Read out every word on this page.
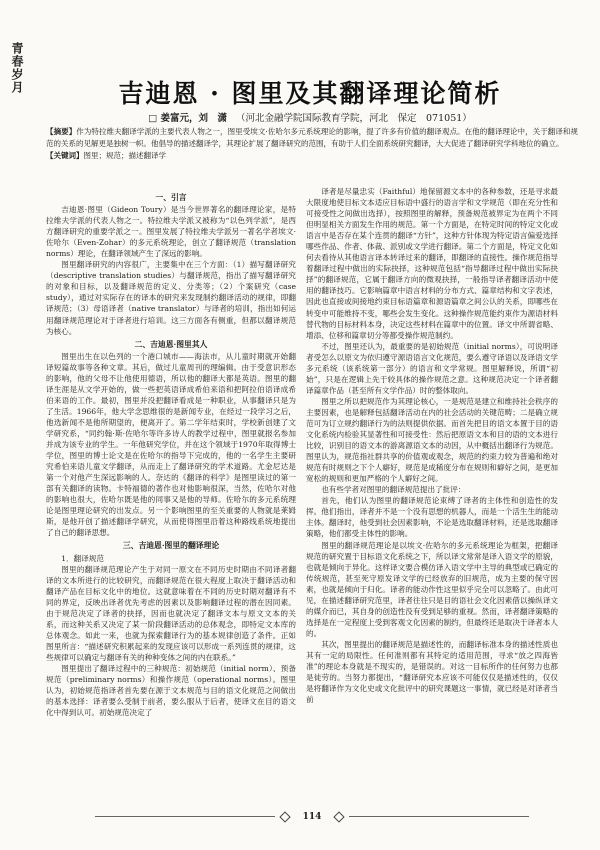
青春岁月	吉迪恩 · 图里及其翻译理论简析
□ 姜富元，刘　潇 （河北金融学院国际教育学院，河北　保定　071051）
【摘要】作为特拉维夫翻译学派的主要代表人物之一，图里受埃文·佐哈尔多元系统理论的影响，提了许多有价值的翻译观点。在他的翻译理论中，关于翻译和规范的关系的见解更是独树一帜。他倡导的描述翻译学，其理论扩展了翻译研究的范围，有助于人们全面系统研究翻译，大大促进了翻译研究学科地位的确立。
【关键词】图里；规范；描述翻译学
一、引言

吉迪恩·图里（Gideon Toury）是当今世界著名的翻译理论家，是特拉维夫学派的代表人物之一。特拉维夫学派又被称为“以色列学派”，是西方翻译研究的重要学派之一。图里发展了特拉维夫学派另一著名学者埃文·佐哈尔（Even-Zohar）的多元系统理论，创立了翻译规范（translation norms）理论，在翻译领域产生了深远的影响。

图里翻译研究的内容很广，主要集中在三个方面：（1）描写翻译研究（descriptive translation studies）与翻译规范，指出了描写翻译研究的对象和目标，以及翻译规范的定义、分类等；（2）个案研究（case study），通过对实际存在的译本的研究来发现制约翻译活动的规律，即翻译规范；（3）母语译者（native translator）与译者的培训，指出如何运用翻译规范理论对于译者进行培训。这三方面各有侧重，但都以翻译规范为核心。

二、吉迪恩·图里其人

图里出生在以色列的一个港口城市——海法市，从儿童时期就开始翻译短篇故事等各种文章。其后，做过儿童周刊的理编辑。由于受意识形态的影响，他的父母不让他使用德语，所以他的翻译大都是英语。图里的翻译生涯是从文学开始的，做一些把英语译成希伯来语和把阿拉伯语译成希伯来语的工作。最初，图里并没把翻译看成是一种职业，从事翻译只是为了生活。1966年，他大学念思维很的是新闻专业，在经过一段学习之后，他选新闻不是他所期望的，便离开了。第二学年结束时，学校新创建了文学研究系，“同约翰·斯·佐哈尔等许多诗人的教学过程中，图里就报名参加并成为该专业的学生。一年他研究学位，并在这个领域于1970年取得博士学位，图里的博士论文是在佐哈尔的指导下完成的，他的一名学生主要研究希伯来语儿童文学翻译，从而走上了翻译研究的学术道路。尤金尼达是第一个对他产生深远影响的人。奈达的《翻译的科学》是图里读过的第一部有关翻译的读物。卡特福德的著作也对他影响很深，当然，佐哈尔对他的影响也很大，佐哈尔既是他的同事又是他的导师。佐哈尔的多元系统理论是图里理论研究的出发点。另一个影响图里的至关重要的人物就是莱姆斯，是他开创了描述翻译学研究，从而使得图里沿着这种路线系统地提出了自己的翻译思想。

三、吉迪恩·图里的翻译理论
1．翻译规范

图里的翻译规范理论产生于对同一原文在不同历史时期由不同译者翻译的文本所进行的比较研究，而翻译规范在很大程度上取决于翻译活动和翻译产品在目标文化中的地位。这就意味着在不同的历史时期对翻译有不同的界定，反映出译者优先考虑的因素以及影响翻译过程的潜在因同素。由于规范决定了译者的抉择，因而也就决定了翻译文本与原文文本的关系，而这种关系又决定了某一阶段翻译活动的总体观念，即特定文本库的总体观念。如此一来，也就为探索翻译行为的基本规律创造了条件。正如图里所言：“描述研究积累起来的发现应该可以形成一系列连贯的规律，这些规律可以确定与翻译有关的种种变体之间的内在联系。”

图里提出了翻译过程中的三种规范：初始规范（initial norm）、预备规范（preliminary norms）和操作规范（operational norms）。图里认为，初始规范指译者首先要在源于文本规范与目的语文化规范之间做出的基本选择：译者要么受制于前者，要么服从于后者，使译文在目的语文化中得到认可。初始规范决定了

译者是尽量忠实（Faithful）地保留源文本中的各种参数，还是寻求最大限度地使目标文本适应目标语中盛行的语言学和文学规范（即在充分性和可接受性之间做出选择），按照图里的解释，预备规范被界定为在两个不同但明显相关方面发生作用的规范。第一个方面是，在特定时间的特定文化或语言中是否存在某个连贯的翻译“方针”，这种方针体现为特定语言偏爱选择哪些作品、作者、体裁、派别或文学进行翻译。第二个方面是，特定文化如何去看待从其他语言译本转译过来的翻译，即翻译的直接性。操作规范指导着翻译过程中做出的实际抉择，这种规范包括“指导翻译过程中做出实际抉择”的翻译规范，它属于翻译方向的微观抉择，一般指导译者翻译活动中使用的翻译技巧。它影响篇章中语言材料的分布方式、篇章结构和文字表述，因此也直接或间接地约束目标语篇章和源语篇章之间公认的关系，即哪些在转变中可能维持不变，哪些会发生变化。这种操作规范能约束作为源语材料替代物的目标材料本身，决定这些材料在篇章中的位置。译文中所谓省略、增添、位移和篇章切分等都受操作规范制约。

不过，图里还认为，最重要的是初始规范（initial norms），可说明译者受怎么以原文为依归遵守源语语言文化规范，要么遵守译语以及译语文学多元系统（该系统第一部分）的语言和文学常规。图里解释说，所谓“初始”，只是在逻辑上先于较具体的操作规范之意。这种规范决定一个译者翻译篇章作品（甚至所有文学作品）时的整体取向。

图里之所以把规范作为其理论核心，一是规范是建立和维持社会秩序的主要因素，也是解释包括翻译活动在内的社会活动的关键范畴；二是确立规范可为订立规约翻译行为的法则提供依据。而首先把目的语文本置于目的语文化系统内检验其显著性和可接受性：然后把原语文本和目的语的文本进行比较，识别目的语文本的游离源语文本的动因，从中概括出翻译行为规范。图里认为，规范指社群共享的价值观或观念，规范的约束力较为普遍和绝对规范有时规则之下个人癖好，规范是成稀度分布在规则和癖好之间，是更加宽松的规则和更加严格的个人癖好之间。

也有些学者对图里的翻译规范提出了批评：

首先，他们认为图里的翻译规范论束缚了译者的主体性和创造性的发挥。他们指出，译者并不是一个没有思想的机器人，而是一个活生生的能动主体。翻译时，他受到社会因素影响，不论是选取翻译材料，还是选取翻译策略，他们都受主体性的影响。

图里的翻译规范理论是以埃文·佐哈尔的多元系统理论为框架，把翻译规范的研究置于目标语文化系统之下，所以译文常常是译入语文学的原貌，也就是倾向于异化。这样译文要合模仿译入语文学中主导的典型或已确定的传统规范，甚至死守原发译文学的已经放弃的旧规范，成为主要的保守因素，也就是倾向于归化。译者的能动作性这里似乎完全可以忽略了。由此可见，在描述翻译研究范里，译者往往只是目的语社会文化因素借以操纵译文的媒介而已，其自身的创造性没有受到足够的重视。然而，译者翻译策略的选择是在一定程度上受到客观文化因素的制约，但最终还是取决于译者本人的。

其次，图里提出的翻译规范是描述性的，而翻译标准本身的描述性质也其有一定的局限性。任何准则都有其特定的适用范围，寻求“放之四海皆准”的理论本身就是不现实的，是错误的。对这一目标所作的任何努力也都是徒劳的。当努力都提出，“翻译研究本应该不可能仅仅是描述性的，仅仅是将翻译作为文化史或文化批评中的研究课题这一事情，就已经是对译者当前

114
